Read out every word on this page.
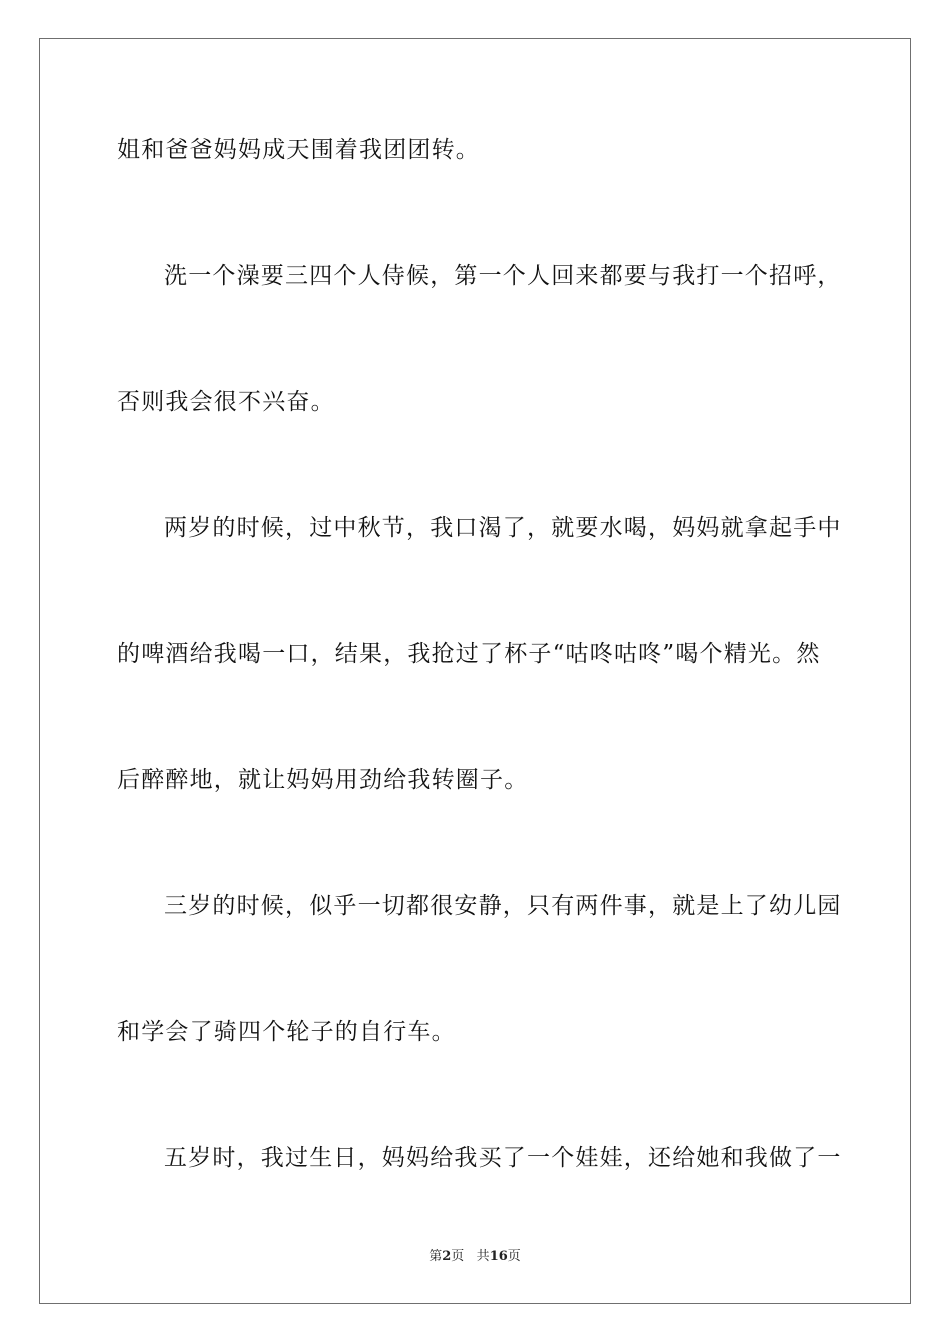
姐和爸爸妈妈成天围着我团团转。
洗一个澡要三四个人侍候，第一个人回来都要与我打一个招呼，
否则我会很不兴奋。
两岁的时候，过中秋节，我口渴了，就要水喝，妈妈就拿起手中
的啤酒给我喝一口，结果，我抢过了杯子“咕咚咕咚”喝个精光。然
后醉醉地，就让妈妈用劲给我转圈子。
三岁的时候，似乎一切都很安静，只有两件事，就是上了幼儿园
和学会了骑四个轮子的自行车。
五岁时，我过生日，妈妈给我买了一个娃娃，还给她和我做了一
第2页 共16页
